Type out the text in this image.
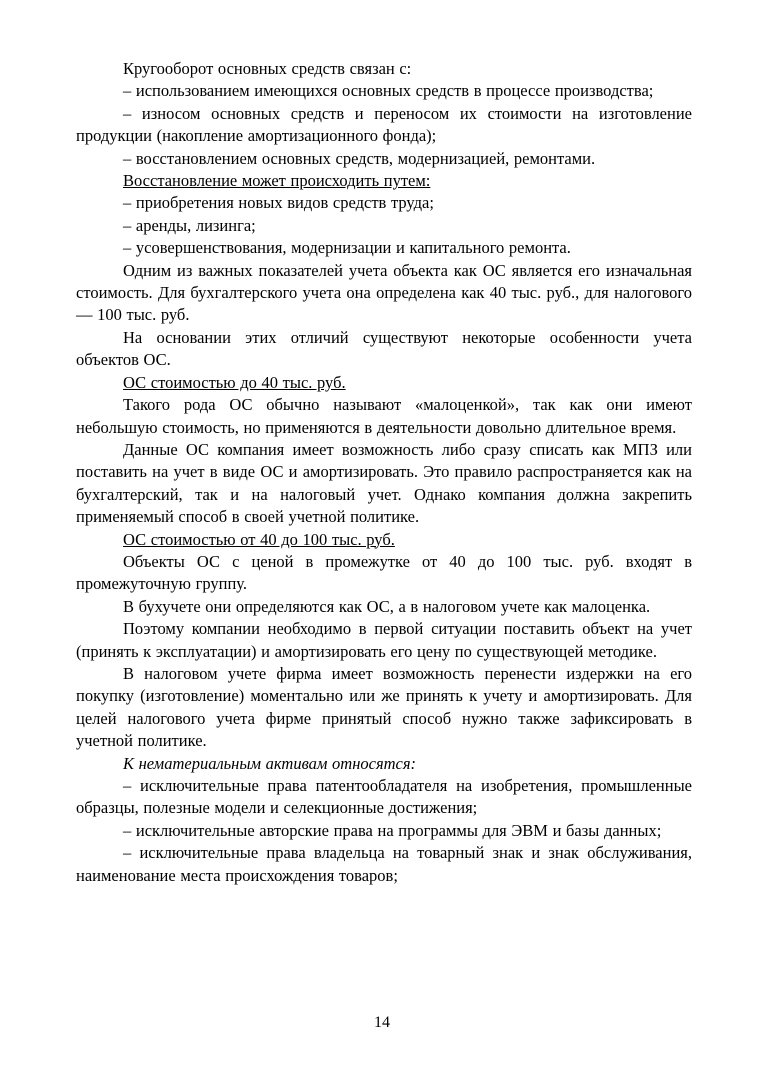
Кругооборот основных средств связан с:

– использованием имеющихся основных средств в процессе производства;

– износом основных средств и переносом их стоимости на изготовление продукции (накопление амортизационного фонда);

– восстановлением основных средств, модернизацией, ремонтами.

Восстановление может происходить путем:

– приобретения новых видов средств труда;

– аренды, лизинга;

– усовершенствования, модернизации и капитального ремонта.

Одним из важных показателей учета объекта как ОС является его изначальная стоимость. Для бухгалтерского учета она определена как 40 тыс. руб., для налогового — 100 тыс. руб.

На основании этих отличий существуют некоторые особенности учета объектов ОС.

ОС стоимостью до 40 тыс. руб.

Такого рода ОС обычно называют «малоценкой», так как они имеют небольшую стоимость, но применяются в деятельности довольно длительное время.

Данные ОС компания имеет возможность либо сразу списать как МПЗ или поставить на учет в виде ОС и амортизировать. Это правило распространяется как на бухгалтерский, так и на налоговый учет. Однако компания должна закрепить применяемый способ в своей учетной политике.

ОС стоимостью от 40 до 100 тыс. руб.

Объекты ОС с ценой в промежутке от 40 до 100 тыс. руб. входят в промежуточную группу.

В бухучете они определяются как ОС, а в налоговом учете как малоценка.

Поэтому компании необходимо в первой ситуации поставить объект на учет (принять к эксплуатации) и амортизировать его цену по существующей методике.

В налоговом учете фирма имеет возможность перенести издержки на его покупку (изготовление) моментально или же принять к учету и амортизировать. Для целей налогового учета фирме принятый способ нужно также зафиксировать в учетной политике.

К нематериальным активам относятся:

– исключительные права патентообладателя на изобретения, промышленные образцы, полезные модели и селекционные достижения;

– исключительные авторские права на программы для ЭВМ и базы данных;

– исключительные права владельца на товарный знак и знак обслуживания, наименование места происхождения товаров;

14
